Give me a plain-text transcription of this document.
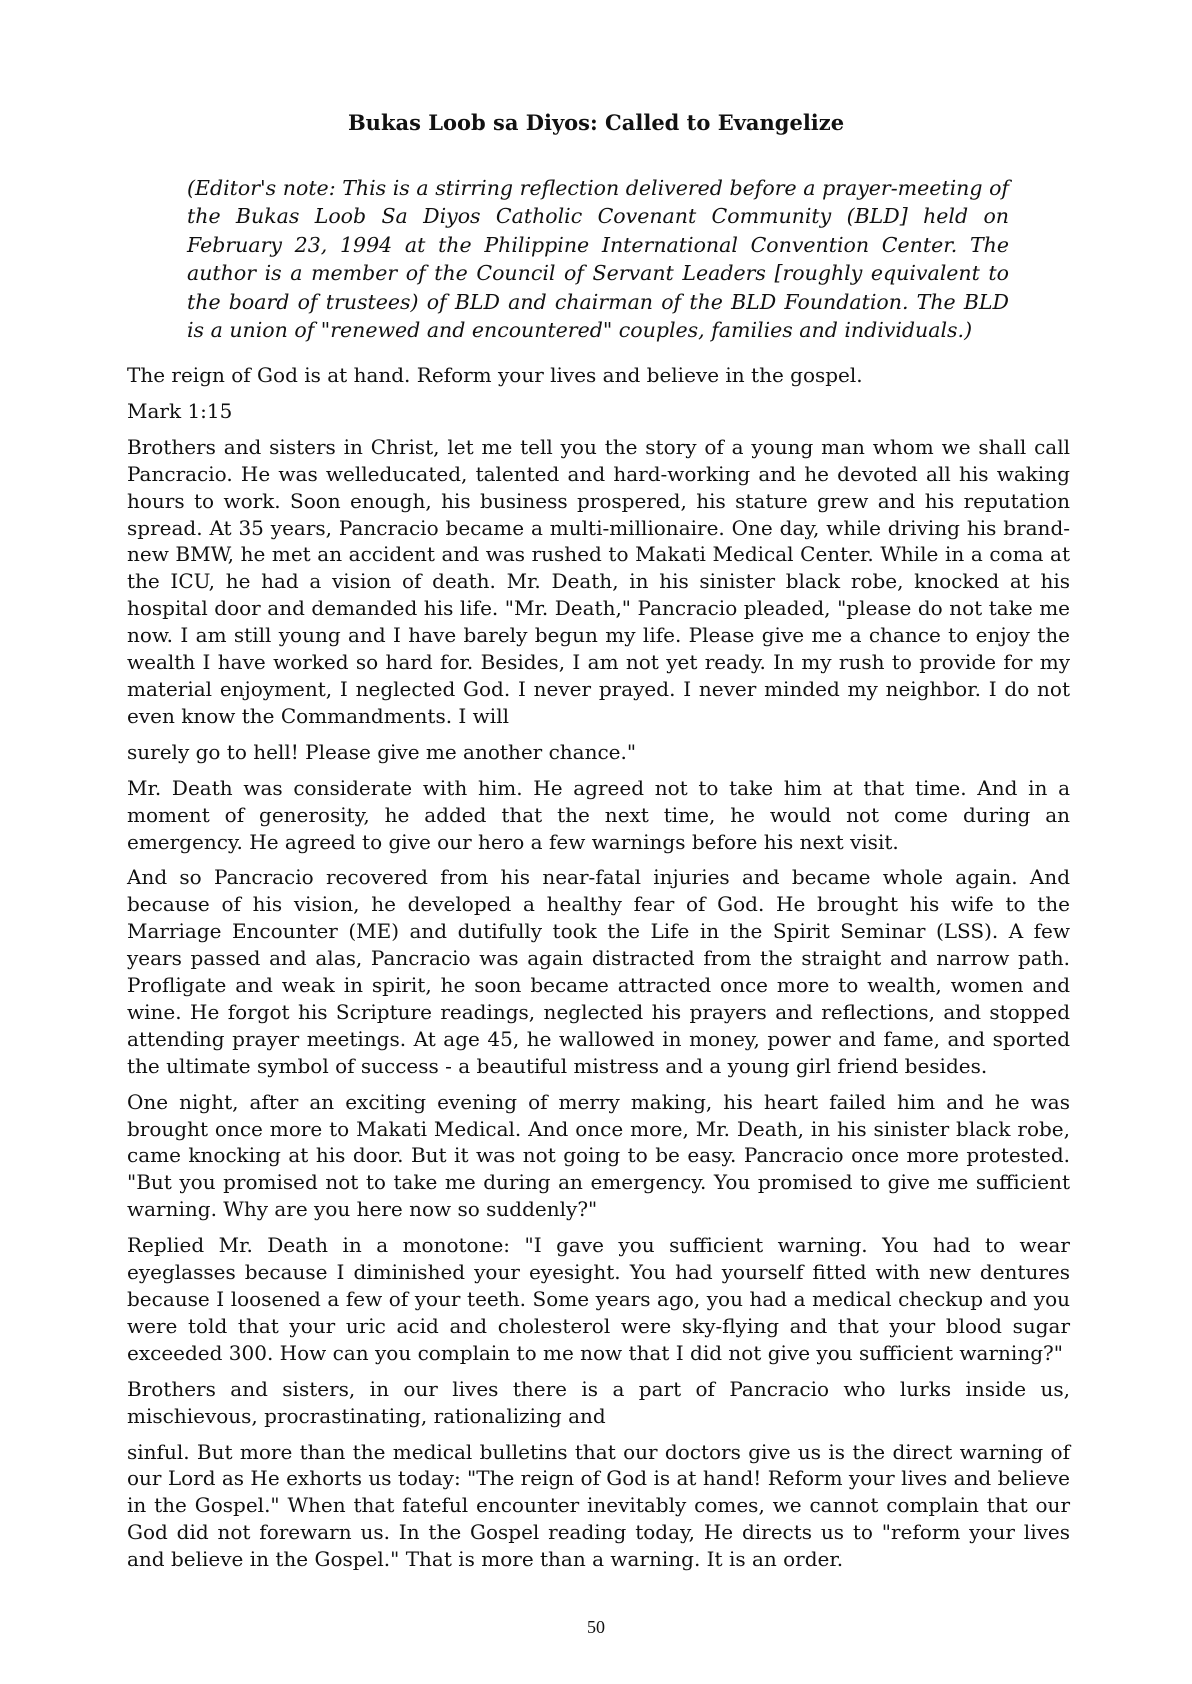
Bukas Loob sa Diyos: Called to Evangelize

(Editor's note: This is a stirring reflection delivered before a prayer-meeting of the Bukas Loob Sa Diyos Catholic Covenant Community (BLD] held on February 23, 1994 at the Philippine International Convention Center. The author is a member of the Council of Servant Leaders [roughly equivalent to the board of trustees) of BLD and chairman of the BLD Foundation. The BLD is a union of "renewed and encountered" couples, families and individuals.)

The reign of God is at hand. Reform your lives and believe in the gospel.

Mark 1:15

Brothers and sisters in Christ, let me tell you the story of a young man whom we shall call Pancracio. He was welleducated, talented and hard-working and he devoted all his waking hours to work. Soon enough, his business prospered, his stature grew and his reputation spread. At 35 years, Pancracio became a multi-millionaire. One day, while driving his brand-new BMW, he met an accident and was rushed to Makati Medical Center. While in a coma at the ICU, he had a vision of death. Mr. Death, in his sinister black robe, knocked at his hospital door and demanded his life. "Mr. Death," Pancracio pleaded, "please do not take me now. I am still young and I have barely begun my life. Please give me a chance to enjoy the wealth I have worked so hard for. Besides, I am not yet ready. In my rush to provide for my material enjoyment, I neglected God. I never prayed. I never minded my neighbor. I do not even know the Commandments. I will

surely go to hell! Please give me another chance."

Mr. Death was considerate with him. He agreed not to take him at that time. And in a moment of generosity, he added that the next time, he would not come during an emergency. He agreed to give our hero a few warnings before his next visit.

And so Pancracio recovered from his near-fatal injuries and became whole again. And because of his vision, he developed a healthy fear of God. He brought his wife to the Marriage Encounter (ME) and dutifully took the Life in the Spirit Seminar (LSS). A few years passed and alas, Pancracio was again distracted from the straight and narrow path. Profligate and weak in spirit, he soon became attracted once more to wealth, women and wine. He forgot his Scripture readings, neglected his prayers and reflections, and stopped attending prayer meetings. At age 45, he wallowed in money, power and fame, and sported the ultimate symbol of success - a beautiful mistress and a young girl friend besides.

One night, after an exciting evening of merry making, his heart failed him and he was brought once more to Makati Medical. And once more, Mr. Death, in his sinister black robe, came knocking at his door. But it was not going to be easy. Pancracio once more protested. "But you promised not to take me during an emergency. You promised to give me sufficient warning. Why are you here now so suddenly?"

Replied Mr. Death in a monotone: "I gave you sufficient warning. You had to wear eyeglasses because I diminished your eyesight. You had yourself fitted with new dentures because I loosened a few of your teeth. Some years ago, you had a medical checkup and you were told that your uric acid and cholesterol were sky-flying and that your blood sugar exceeded 300. How can you complain to me now that I did not give you sufficient warning?"

Brothers and sisters, in our lives there is a part of Pancracio who lurks inside us, mischievous, procrastinating, rationalizing and

sinful. But more than the medical bulletins that our doctors give us is the direct warning of our Lord as He exhorts us today: "The reign of God is at hand! Reform your lives and believe in the Gospel." When that fateful encounter inevitably comes, we cannot complain that our God did not forewarn us. In the Gospel reading today, He directs us to "reform your lives and believe in the Gospel." That is more than a warning. It is an order.

50
